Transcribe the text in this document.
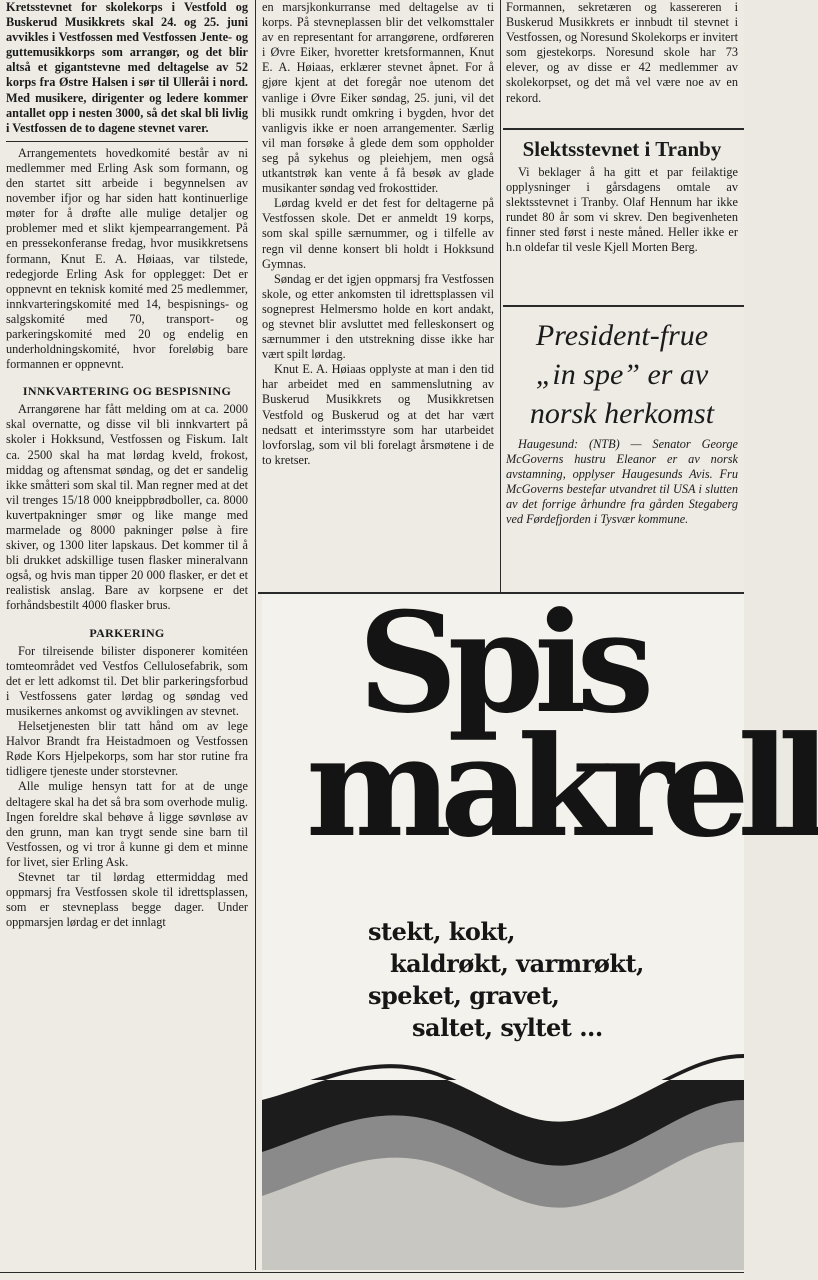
Kretsstevnet for skolekorps i Vestfold og Buskerud Musikkrets skal 24. og 25. juni avvikles i Vestfossen med Vestfossen Jente- og guttemusikkorps som arrangør, og det blir altså et gigantstevne med deltagelse av 52 korps fra Østre Halsen i sør til Ulleråi i nord. Med musikere, dirigenter og ledere kommer antallet opp i nesten 3000, så det skal bli livlig i Vestfossen de to dagene stevnet varer.

Arrangementets hovedkomité består av ni medlemmer med Erling Ask som formann, og den startet sitt arbeide i begynnelsen av november ifjor og har siden hatt kontinuerlige møter for å drøfte alle mulige detaljer og problemer med et slikt kjempearrangement. På en pressekonferanse fredag, hvor musikkretsens formann, Knut E. A. Høiaas, var tilstede, redegjorde Erling Ask for opplegget: Det er oppnevnt en teknisk komité med 25 medlemmer, innkvarteringskomité med 14, bespisnings- og salgskomité med 70, transport- og parkeringskomité med 20 og endelig en underholdningskomité, hvor foreløbig bare formannen er oppnevnt.

INNKVARTERING OG BESPISNING

Arrangørene har fått melding om at ca. 2000 skal overnatte, og disse vil bli innkvartert på skoler i Hokksund, Vestfossen og Fiskum. Ialt ca. 2500 skal ha mat lørdag kveld, frokost, middag og aftensmat søndag, og det er sandelig ikke småtteri som skal til. Man regner med at det vil trenges 15/18 000 kneippbrødboller, ca. 8000 kuvertpakninger smør og like mange med marmelade og 8000 pakninger pølse à fire skiver, og 1300 liter lapskaus. Det kommer til å bli drukket adskillige tusen flasker mineralvann også, og hvis man tipper 20 000 flasker, er det et realistisk anslag. Bare av korpsene er det forhåndsbestilt 4000 flasker brus.

PARKERING

For tilreisende bilister disponerer komitéen tomteområdet ved Vestfos Cellulosefabrik, som det er lett adkomst til. Det blir parkeringsforbud i Vestfossens gater lørdag og søndag ved musikernes ankomst og avviklingen av stevnet.

Helsetjenesten blir tatt hånd om av lege Halvor Brandt fra Heistadmoen og Vestfossen Røde Kors Hjelpekorps, som har stor rutine fra tidligere tjeneste under storstevner.

Alle mulige hensyn tatt for at de unge deltagere skal ha det så bra som overhode mulig. Ingen foreldre skal behøve å ligge søvnløse av den grunn, man kan trygt sende sine barn til Vestfossen, og vi tror å kunne gi dem et minne for livet, sier Erling Ask.

Stevnet tar til lørdag ettermiddag med oppmarsj fra Vestfossen skole til idrettsplassen, som er stevneplass begge dager. Under oppmarsjen lørdag er det innlagt

en marsjkonkurranse med deltagelse av ti korps. På stevneplassen blir det velkomsttaler av en representant for arrangørene, ordføreren i Øvre Eiker, hvoretter kretsformannen, Knut E. A. Høiaas, erklærer stevnet åpnet. For å gjøre kjent at det foregår noe utenom det vanlige i Øvre Eiker søndag, 25. juni, vil det bli musikk rundt omkring i bygden, hvor det vanligvis ikke er noen arrangementer. Særlig vil man forsøke å glede dem som oppholder seg på sykehus og pleiehjem, men også utkantstrøk kan vente å få besøk av glade musikanter søndag ved frokosttider.

Lørdag kveld er det fest for deltagerne på Vestfossen skole. Det er anmeldt 19 korps, som skal spille særnummer, og i tilfelle av regn vil denne konsert bli holdt i Hokksund Gymnas.

Søndag er det igjen oppmarsj fra Vestfossen skole, og etter ankomsten til idrettsplassen vil sogneprest Helmersmo holde en kort andakt, og stevnet blir avsluttet med felleskonsert og særnummer i den utstrekning disse ikke har vært spilt lørdag.

Knut E. A. Høiaas opplyste at man i den tid har arbeidet med en sammenslutning av Buskerud Musikkrets og Musikkretsen Vestfold og Buskerud og at det har vært nedsatt et interimsstyre som har utarbeidet lovforslag, som vil bli forelagt årsmøtene i de to kretser.

Formannen, sekretæren og kassereren i Buskerud Musikkrets er innbudt til stevnet i Vestfossen, og Noresund Skolekorps er invitert som gjestekorps. Noresund skole har 73 elever, og av disse er 42 medlemmer av skolekorpset, og det må vel være noe av en rekord.

Slektsstevnet i Tranby

Vi beklager å ha gitt et par feilaktige opplysninger i gårsdagens omtale av slektsstevnet i Tranby. Olaf Hennum har ikke rundet 80 år som vi skrev. Den begivenheten finner sted først i neste måned. Heller ikke er h.n oldefar til vesle Kjell Morten Berg.

President-frue
„in spe” er av
norsk herkomst

Haugesund: (NTB) — Senator George McGoverns hustru Eleanor er av norsk avstamning, opplyser Haugesunds Avis. Fru McGoverns bestefar utvandret til USA i slutten av det forrige århundre fra gården Stegaberg ved Førdefjorden i Tysvær kommune.

Spis
makrell
stekt, kokt,
kaldrøkt, varmrøkt,
speket, gravet,
saltet, syltet ...
